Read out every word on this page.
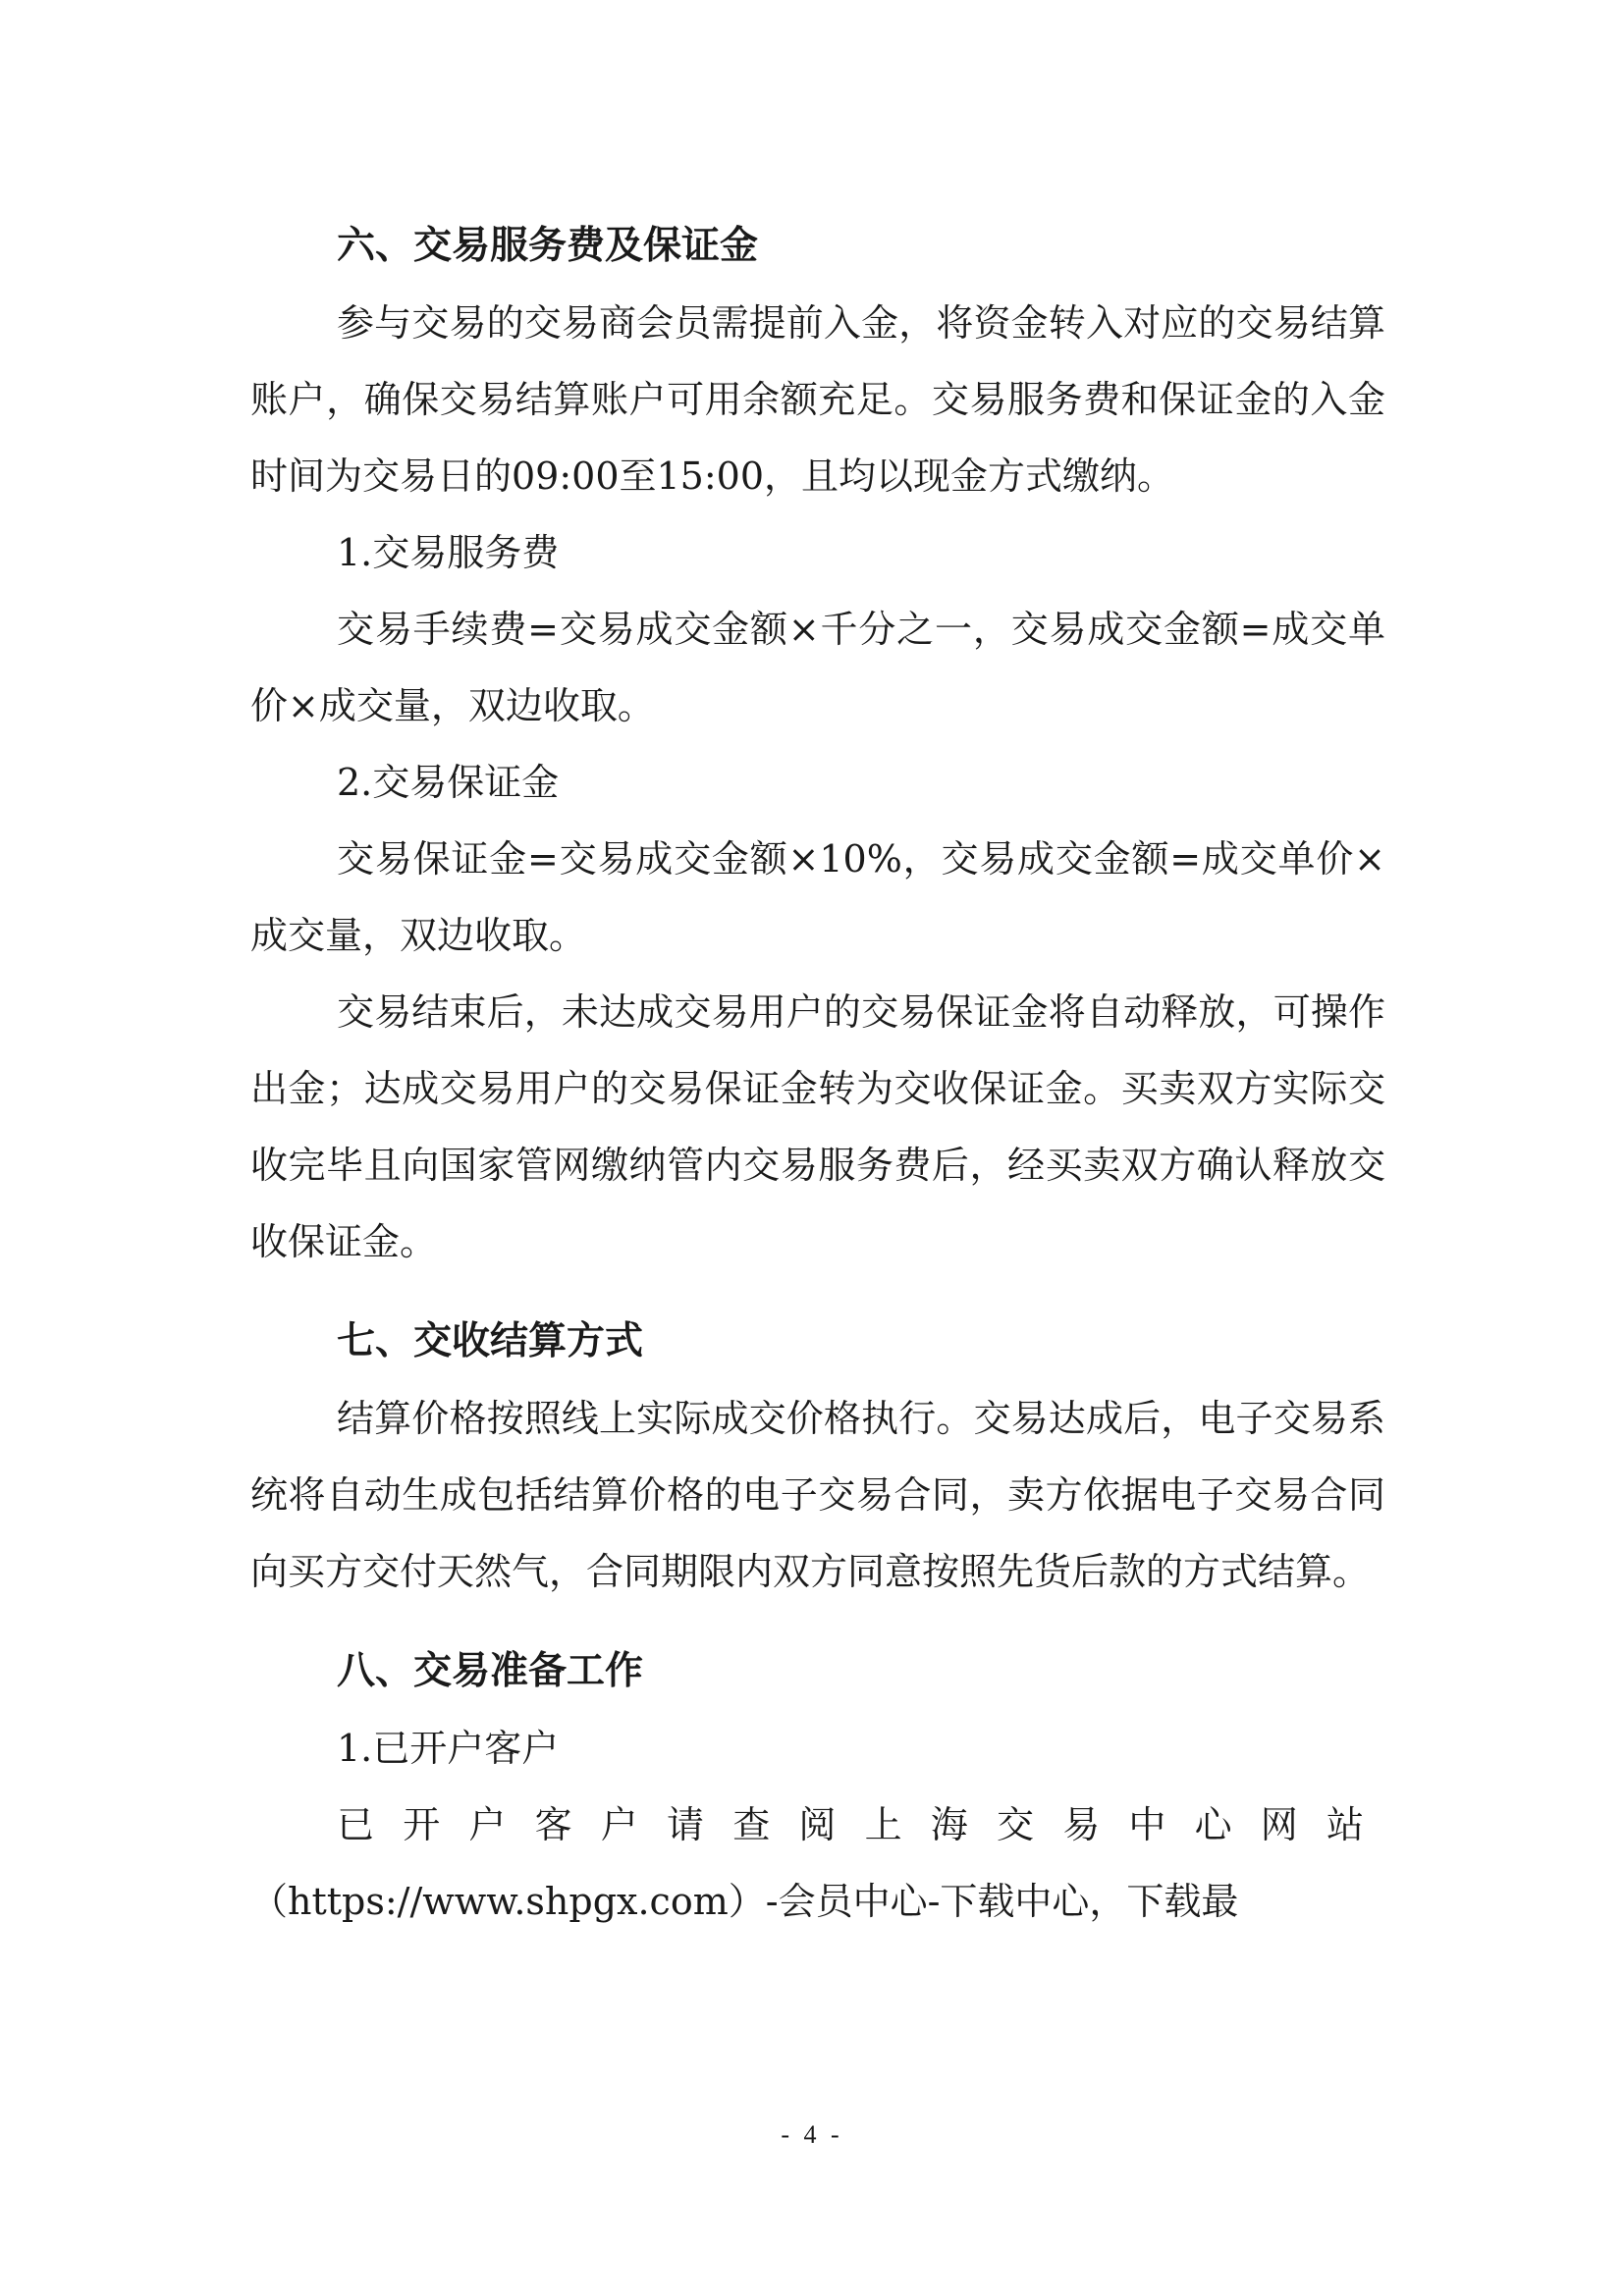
六、交易服务费及保证金

参与交易的交易商会员需提前入金，将资金转入对应的交易结算账户，确保交易结算账户可用余额充足。交易服务费和保证金的入金时间为交易日的09:00至15:00，且均以现金方式缴纳。

1.交易服务费

交易手续费=交易成交金额×千分之一，交易成交金额=成交单价×成交量，双边收取。

2.交易保证金

交易保证金=交易成交金额×10%，交易成交金额=成交单价×成交量，双边收取。

交易结束后，未达成交易用户的交易保证金将自动释放，可操作出金；达成交易用户的交易保证金转为交收保证金。买卖双方实际交收完毕且向国家管网缴纳管内交易服务费后，经买卖双方确认释放交收保证金。

七、交收结算方式

结算价格按照线上实际成交价格执行。交易达成后，电子交易系统将自动生成包括结算价格的电子交易合同，卖方依据电子交易合同向买方交付天然气，合同期限内双方同意按照先货后款的方式结算。

八、交易准备工作

1.已开户客户

已开户客户请查阅上海交易中心网站

（https://www.shpgx.com）-会员中心-下载中心，下载最

- 4 -
